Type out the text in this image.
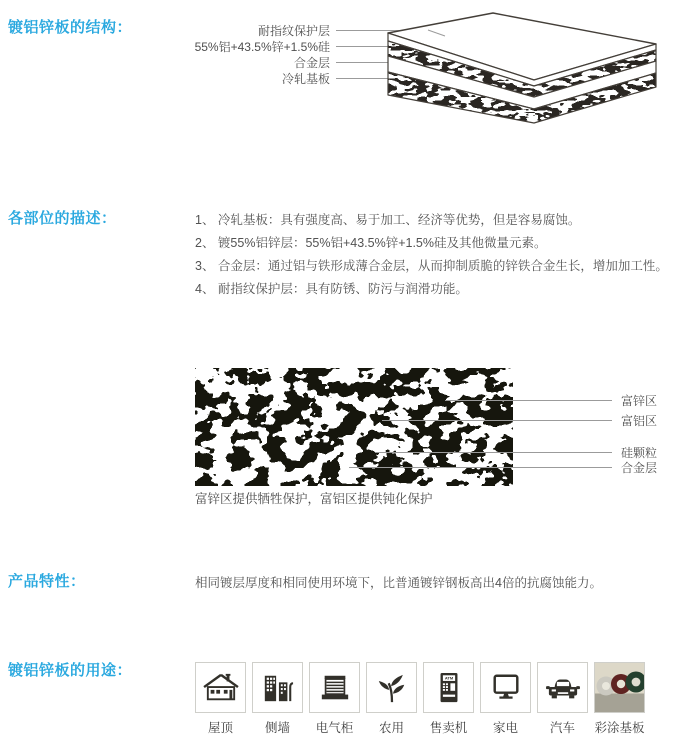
镀铝锌板的结构：	耐指纹保护层
55%铝+43.5%锌+1.5%硅
合金层
冷轧基板
各部位的描述：	1、 冷轧基板：具有强度高、易于加工、经济等优势，但是容易腐蚀。
2、 镀55%铝锌层：55%铝+43.5%锌+1.5%硅及其他微量元素。
3、 合金层：通过铝与铁形成薄合金层，从而抑制质脆的锌铁合金生长，增加加工性。
4、 耐指纹保护层：具有防锈、防污与润滑功能。
富锌区
富铝区
硅颗粒
合金层
富锌区提供牺牲保护，富铝区提供钝化保护
产品特性：	相同镀层厚度和相同使用环境下，比普通镀锌钢板高出4倍的抗腐蚀能力。
镀铝锌板的用途：
屋顶	侧墙 电气柜 农用
ATM
售卖机 家电	汽车 彩涂基板
